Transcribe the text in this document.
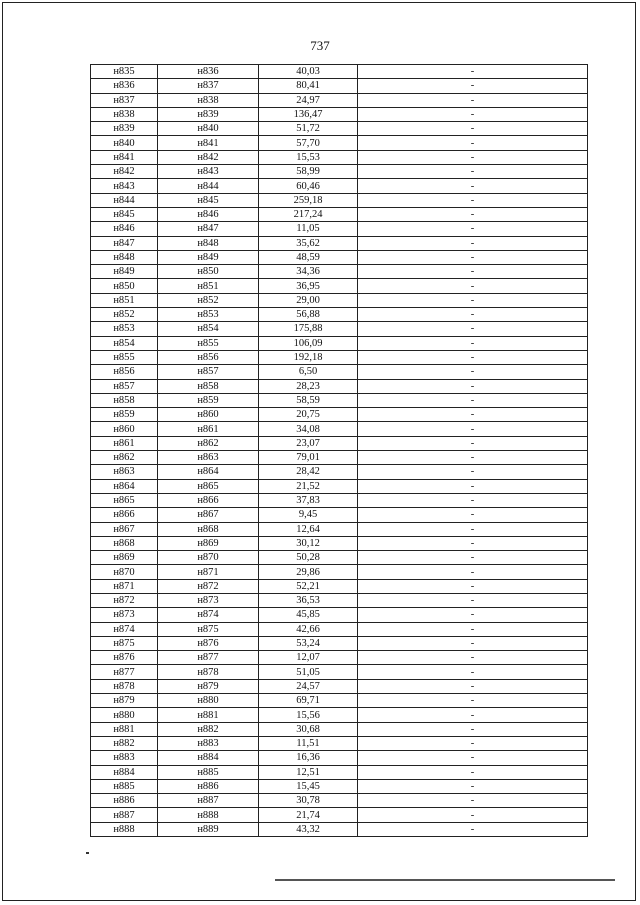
737
н835	н836	40,03	-
н836	н837	80,41	-
н837	н838	24,97	-
н838	н839	136,47	-
н839	н840	51,72	-
н840	н841	57,70	-
н841	н842	15,53	-
н842	н843	58,99	-
н843	н844	60,46	-
н844	н845	259,18	-
н845	н846	217,24	-
н846	н847	11,05	-
н847	н848	35,62	-
н848	н849	48,59	-
н849	н850	34,36	-
н850	н851	36,95	-
н851	н852	29,00	-
н852	н853	56,88	-
н853	н854	175,88	-
н854	н855	106,09	-
н855	н856	192,18	-
н856	н857	6,50	-
н857	н858	28,23	-
н858	н859	58,59	-
н859	н860	20,75	-
н860	н861	34,08	-
н861	н862	23,07	-
н862	н863	79,01	-
н863	н864	28,42	-
н864	н865	21,52	-
н865	н866	37,83	-
н866	н867	9,45	-
н867	н868	12,64	-
н868	н869	30,12	-
н869	н870	50,28	-
н870	н871	29,86	-
н871	н872	52,21	-
н872	н873	36,53	-
н873	н874	45,85	-
н874	н875	42,66	-
н875	н876	53,24	-
н876	н877	12,07	-
н877	н878	51,05	-
н878	н879	24,57	-
н879	н880	69,71	-
н880	н881	15,56	-
н881	н882	30,68	-
н882	н883	11,51	-
н883	н884	16,36	-
н884	н885	12,51	-
н885	н886	15,45	-
н886	н887	30,78	-
н887	н888	21,74	-
н888	н889	43,32	-
